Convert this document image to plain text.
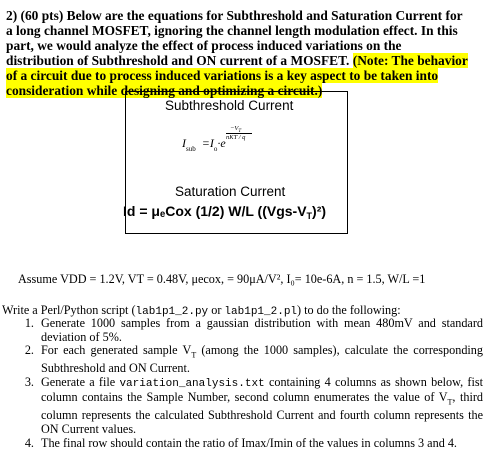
2) (60 pts) Below are the equations for Subthreshold and Saturation Current for a long channel MOSFET, ignoring the channel length modulation effect. In this part, we would analyze the effect of process induced variations on the distribution of Subthreshold and ON current of a MOSFET. (Note: The behavior of a circuit due to process induced variations is a key aspect to be taken into consideration while designing and optimizing a circuit.)

Subthreshold Current
$I_{sub} =I_o\cdot e$
$-V_T$
nKT / q
Saturation Current
Id = μₑCox (1/2) W/L $((Vgs-V_T)^2)$
Assume VDD = 1.2V, VT = 0.48V, μecox, = 90μA/V², I₀= 10e-6A, n = 1.5, W/L =1
Write a Perl/Python script (lab1p1_2.py or lab1p1_2.pl) to do the following:
1. Generate 1000 samples from a gaussian distribution with mean 480mV and standard deviation of 5%.
2. For each generated sample $V_T$ (among the 1000 samples), calculate the corresponding Subthreshold and ON Current.
3. Generate a file variation_analysis.txt containing 4 columns as shown below, fist column contains the Sample Number, second column enumerates the value of $V_T$, third column represents the calculated Subthreshold Current and fourth column represents the ON Current values.
4. The final row should contain the ratio of Imax/Imin of the values in columns 3 and 4.
